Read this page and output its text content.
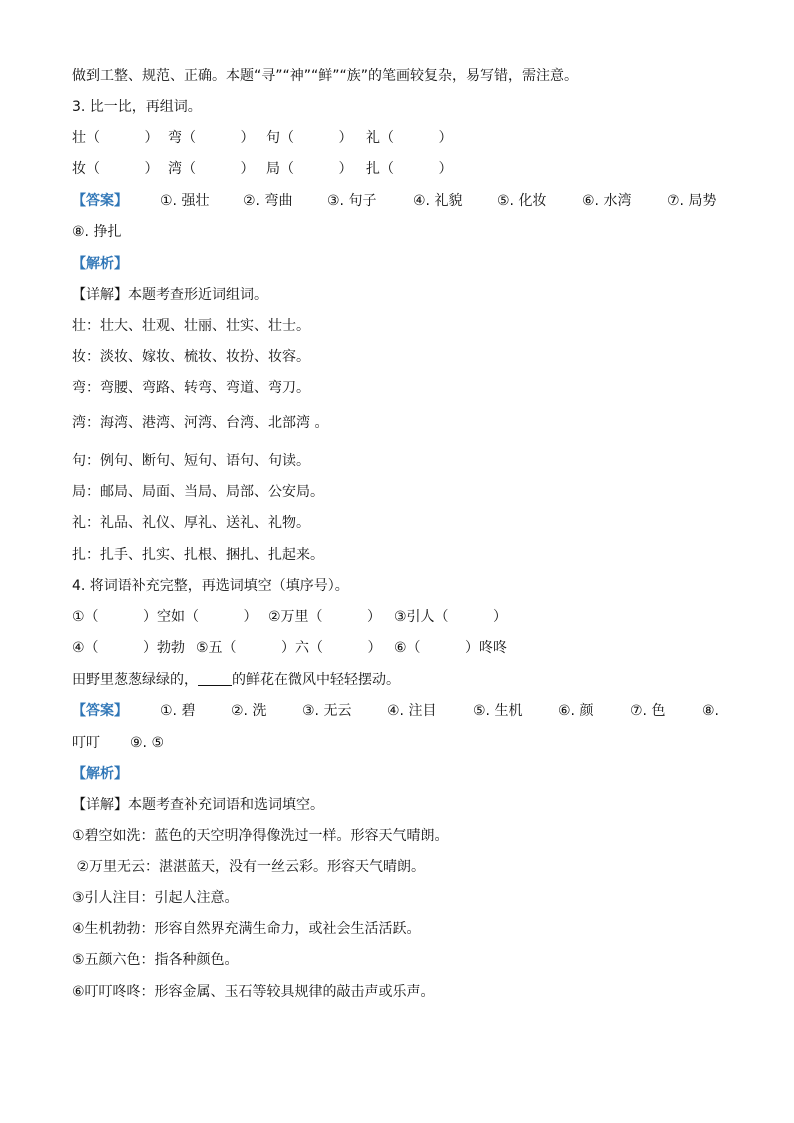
做到工整、规范、正确。本题“寻”“神”“鲜”“族”的笔画较复杂，易写错，需注意。
3. 比一比，再组词。
壮（          ） 弯（          ） 句（          ） 礼（          ）
妆（          ） 湾（          ） 局（          ） 扎（          ）
【答案】 ①. 强壮 ②. 弯曲 ③. 句子	④. 礼貌 ⑤. 化妆	⑥. 水湾	⑦. 局势
⑧. 挣扎
【解析】
【详解】本题考查形近词组词。
壮：壮大、壮观、壮丽、壮实、壮士。
妆：淡妆、嫁妆、梳妆、妆扮、妆容。
弯：弯腰、弯路、转弯、弯道、弯刀。
湾：海湾、港湾、河湾、台湾、北部湾 。
句：例句、断句、短句、语句、句读。
局：邮局、局面、当局、局部、公安局。
礼：礼品、礼仪、厚礼、送礼、礼物。
扎：扎手、扎实、扎根、捆扎、扎起来。
4. 将词语补充完整，再选词填空（填序号）。
①（          ）空如（          ） ②万里（          ） ③引人（          ）
④（          ）勃勃 ⑤五（          ）六（          ） ⑥（          ）咚咚
田野里葱葱绿绿的， 的鲜花在微风中轻轻摆动。
【答案】 ①. 碧	②. 洗	③. 无云	④. 注目	⑤. 生机	⑥. 颜	⑦. 色	⑧.
叮叮 ⑨. ⑤
【解析】
【详解】本题考查补充词语和选词填空。
①碧空如洗：蓝色的天空明净得像洗过一样。形容天气晴朗。
②万里无云：湛湛蓝天，没有一丝云彩。形容天气晴朗。
③引人注目：引起人注意。
④生机勃勃：形容自然界充满生命力，或社会生活活跃。
⑤五颜六色：指各种颜色。
⑥叮叮咚咚：形容金属、玉石等较具规律的敲击声或乐声。
